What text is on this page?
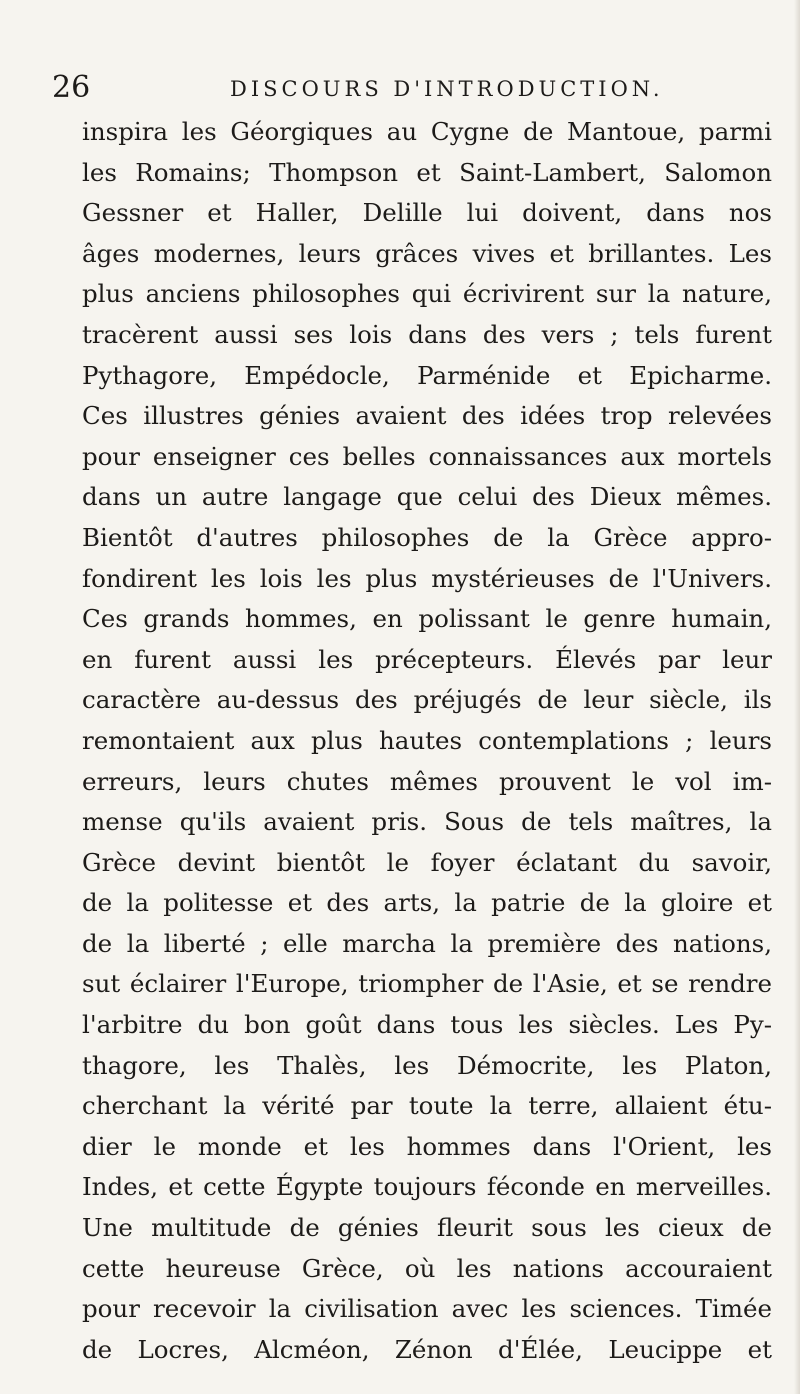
26	DISCOURS D'INTRODUCTION.
inspira les Géorgiques au Cygne de Mantoue, parmi
les Romains; Thompson et Saint-Lambert, Salomon
Gessner et Haller, Delille lui doivent, dans nos
âges modernes, leurs grâces vives et brillantes. Les
plus anciens philosophes qui écrivirent sur la nature,
tracèrent aussi ses lois dans des vers ; tels furent
Pythagore, Empédocle, Parménide et Epicharme.
Ces illustres génies avaient des idées trop relevées
pour enseigner ces belles connaissances aux mortels
dans un autre langage que celui des Dieux mêmes.
Bientôt d'autres philosophes de la Grèce appro-
fondirent les lois les plus mystérieuses de l'Univers.
Ces grands hommes, en polissant le genre humain,
en furent aussi les précepteurs. Élevés par leur
caractère au-dessus des préjugés de leur siècle, ils
remontaient aux plus hautes contemplations ; leurs
erreurs, leurs chutes mêmes prouvent le vol im-
mense qu'ils avaient pris. Sous de tels maîtres, la
Grèce devint bientôt le foyer éclatant du savoir,
de la politesse et des arts, la patrie de la gloire et
de la liberté ; elle marcha la première des nations,
sut éclairer l'Europe, triompher de l'Asie, et se rendre
l'arbitre du bon goût dans tous les siècles. Les Py-
thagore, les Thalès, les Démocrite, les Platon,
cherchant la vérité par toute la terre, allaient étu-
dier le monde et les hommes dans l'Orient, les
Indes, et cette Égypte toujours féconde en merveilles.
Une multitude de génies fleurit sous les cieux de
cette heureuse Grèce, où les nations accouraient
pour recevoir la civilisation avec les sciences. Timée
de Locres, Alcméon, Zénon d'Élée, Leucippe et
